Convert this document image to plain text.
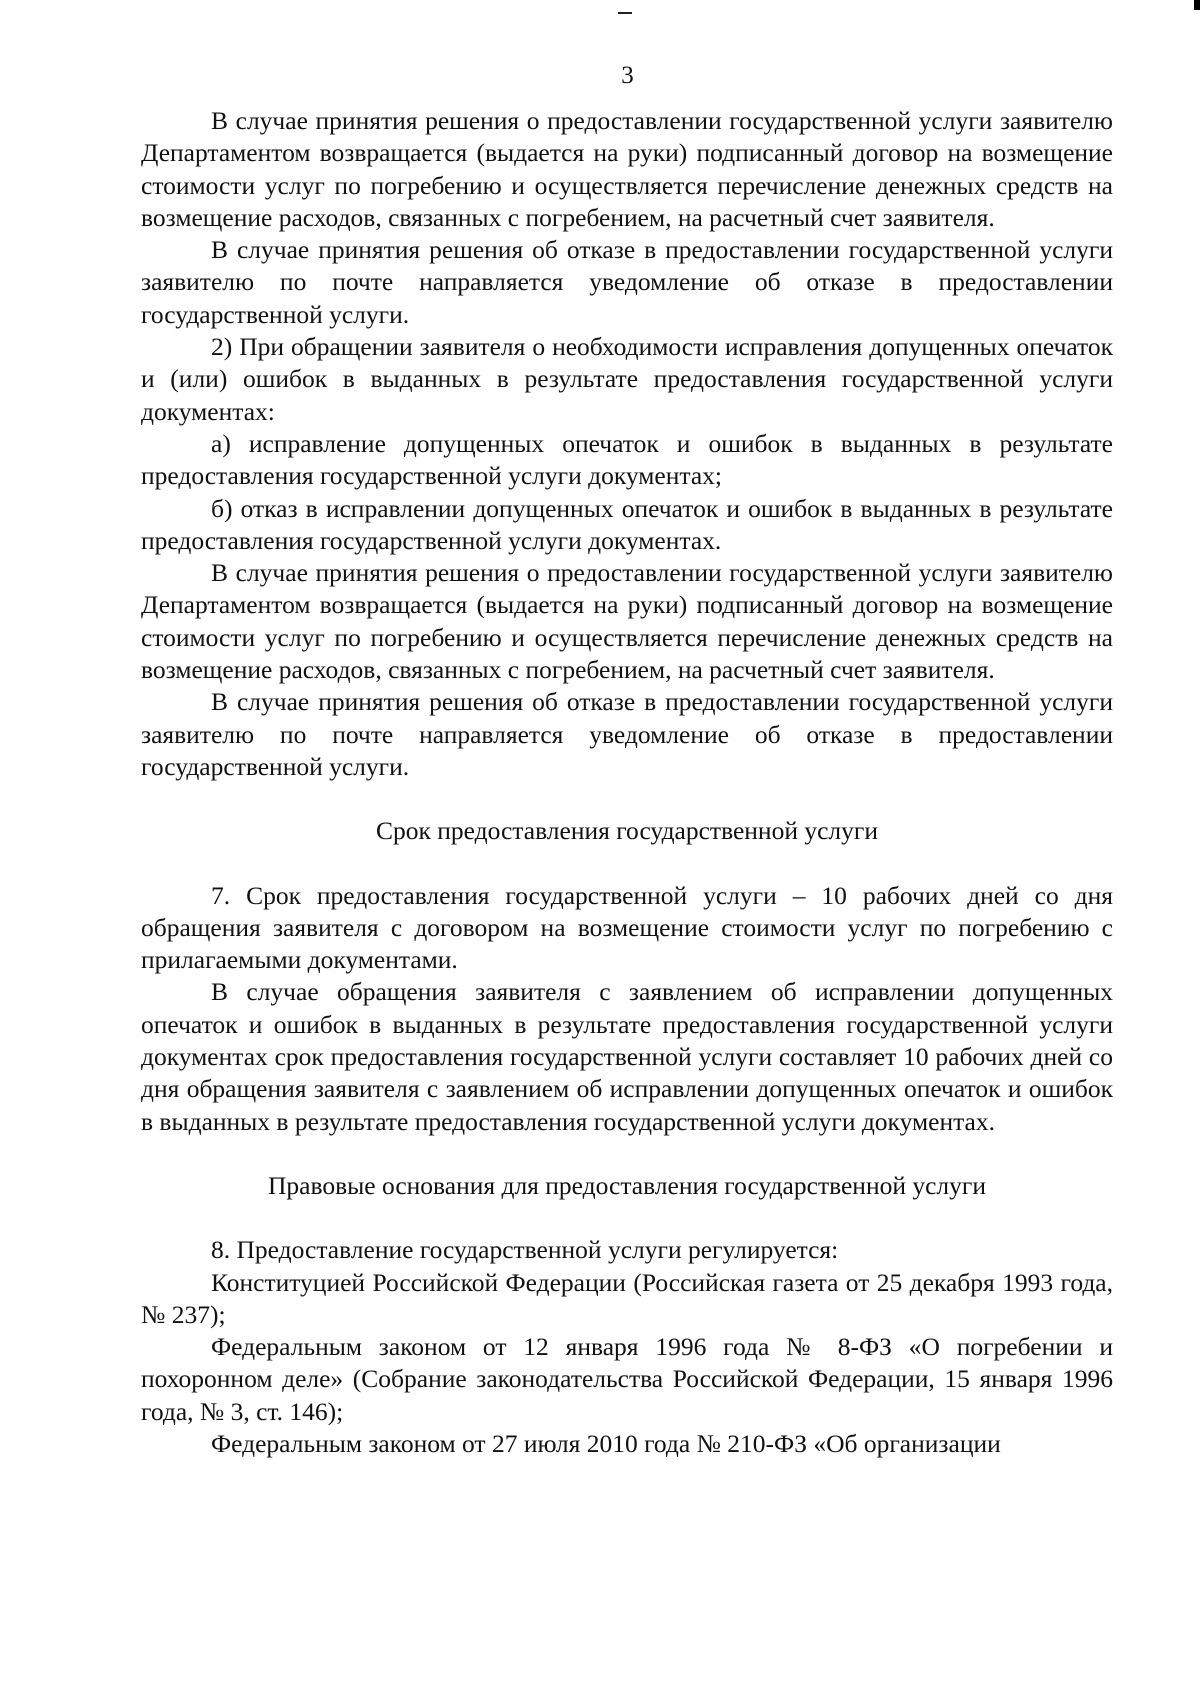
3

В случае принятия решения о предоставлении государственной услуги заявителю Департаментом возвращается (выдается на руки) подписанный договор на возмещение стоимости услуг по погребению и осуществляется перечисление денежных средств на возмещение расходов, связанных с погребением, на расчетный счет заявителя.

В случае принятия решения об отказе в предоставлении государственной услуги заявителю по почте направляется уведомление об отказе в предоставлении государственной услуги.

2) При обращении заявителя о необходимости исправления допущенных опечаток и (или) ошибок в выданных в результате предоставления государственной услуги документах:

а) исправление допущенных опечаток и ошибок в выданных в результате предоставления государственной услуги документах;

б) отказ в исправлении допущенных опечаток и ошибок в выданных в результате предоставления государственной услуги документах.

В случае принятия решения о предоставлении государственной услуги заявителю Департаментом возвращается (выдается на руки) подписанный договор на возмещение стоимости услуг по погребению и осуществляется перечисление денежных средств на возмещение расходов, связанных с погребением, на расчетный счет заявителя.

В случае принятия решения об отказе в предоставлении государственной услуги заявителю по почте направляется уведомление об отказе в предоставлении государственной услуги.

Срок предоставления государственной услуги

7. Срок предоставления государственной услуги – 10 рабочих дней со дня обращения заявителя с договором на возмещение стоимости услуг по погребению с прилагаемыми документами.

В случае обращения заявителя с заявлением об исправлении допущенных опечаток и ошибок в выданных в результате предоставления государственной услуги документах срок предоставления государственной услуги составляет 10 рабочих дней со дня обращения заявителя с заявлением об исправлении допущенных опечаток и ошибок в выданных в результате предоставления государственной услуги документах.

Правовые основания для предоставления государственной услуги

8. Предоставление государственной услуги регулируется:

Конституцией Российской Федерации (Российская газета от 25 декабря 1993 года, № 237);

Федеральным законом от 12 января 1996 года № 8-ФЗ «О погребении и похоронном деле» (Собрание законодательства Российской Федерации, 15 января 1996 года, № 3, ст. 146);

Федеральным законом от 27 июля 2010 года № 210-ФЗ «Об организации
